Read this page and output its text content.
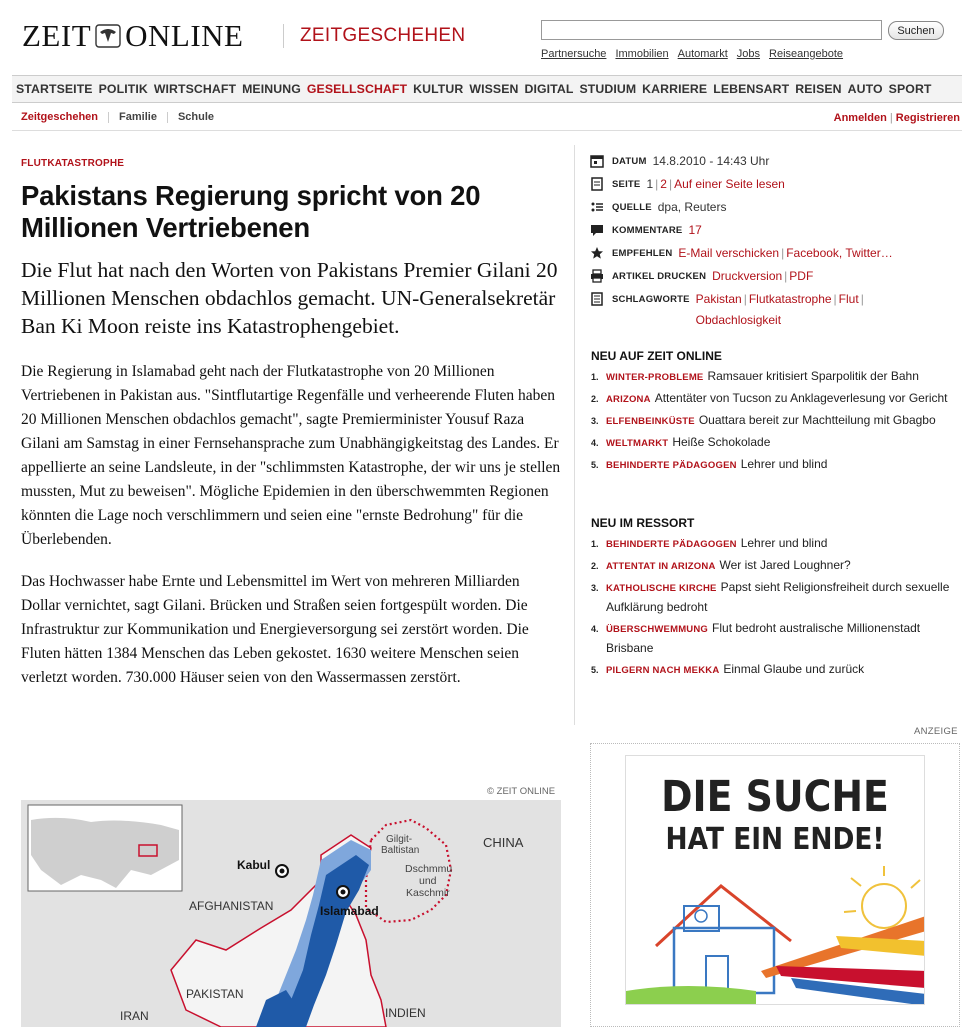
ZEIT ONLINE	ZEITGESCHEHEN	Suchen
Partnersuche Immobilien Automarkt Jobs Reiseangebote
STARTSEITE POLITIK WIRTSCHAFT MEINUNG GESELLSCHAFT KULTUR WISSEN DIGITAL STUDIUM KARRIERE LEBENSART REISEN AUTO SPORT
Zeitgeschehen	Familie	Schule	Anmelden | Registrieren
FLUTKATASTROPHE
Pakistans Regierung spricht von 20 Millionen Vertriebenen
Die Flut hat nach den Worten von Pakistans Premier Gilani 20 Millionen Menschen obdachlos gemacht. UN-Generalsekretär Ban Ki Moon reiste ins Katastrophengebiet.

Die Regierung in Islamabad geht nach der Flutkatastrophe von 20 Millionen Vertriebenen in Pakistan aus. "Sintflutartige Regenfälle und verheerende Fluten haben 20 Millionen Menschen obdachlos gemacht", sagte Premierminister Yousuf Raza Gilani am Samstag in einer Fernsehansprache zum Unabhängigkeitstag des Landes. Er appellierte an seine Landsleute, in der "schlimmsten Katastrophe, der wir uns je stellen mussten, Mut zu beweisen". Mögliche Epidemien in den überschwemmten Regionen könnten die Lage noch verschlimmern und seien eine "ernste Bedrohung" für die Überlebenden.

Das Hochwasser habe Ernte und Lebensmittel im Wert von mehreren Milliarden Dollar vernichtet, sagt Gilani. Brücken und Straßen seien fortgespült worden. Die Infrastruktur zur Kommunikation und Energieversorgung sei zerstört worden. Die Fluten hätten 1384 Menschen das Leben gekostet. 1630 weitere Menschen seien verletzt worden. 730.000 Häuser seien von den Wassermassen zerstört.

© ZEIT ONLINE
CHINA
Kabul
AFGHANISTAN	Islamabad
Gilgit-
Baltistan
Dschmmu
und
Kaschmir
PAKISTAN
IRAN	INDIEN
DATUM 14.8.2010 - 14:43 Uhr
SEITE 1 | 2 | Auf einer Seite lesen
QUELLE dpa, Reuters
KOMMENTARE 17
EMPFEHLEN E-Mail verschicken | Facebook, Twitter…
ARTIKEL DRUCKEN Druckversion | PDF
SCHLAGWORTE Pakistan | Flutkatastrophe | Flut |
Obdachlosigkeit
NEU AUF ZEIT ONLINE
1. WINTER-PROBLEME Ramsauer kritisiert Sparpolitik der Bahn
2. ARIZONA Attentäter von Tucson zu Anklageverlesung vor Gericht
3. ELFENBEINKÜSTE Ouattara bereit zur Machtteilung mit Gbagbo
4. WELTMARKT Heiße Schokolade
5. BEHINDERTE PÄDAGOGEN Lehrer und blind
NEU IM RESSORT
1. BEHINDERTE PÄDAGOGEN Lehrer und blind
2. ATTENTAT IN ARIZONA Wer ist Jared Loughner?
3. KATHOLISCHE KIRCHE Papst sieht Religionsfreiheit durch sexuelle Aufklärung bedroht
4. ÜBERSCHWEMMUNG Flut bedroht australische Millionenstadt Brisbane
5. PILGERN NACH MEKKA Einmal Glaube und zurück
ANZEIGE
DIE SUCHE
HAT EIN ENDE!
